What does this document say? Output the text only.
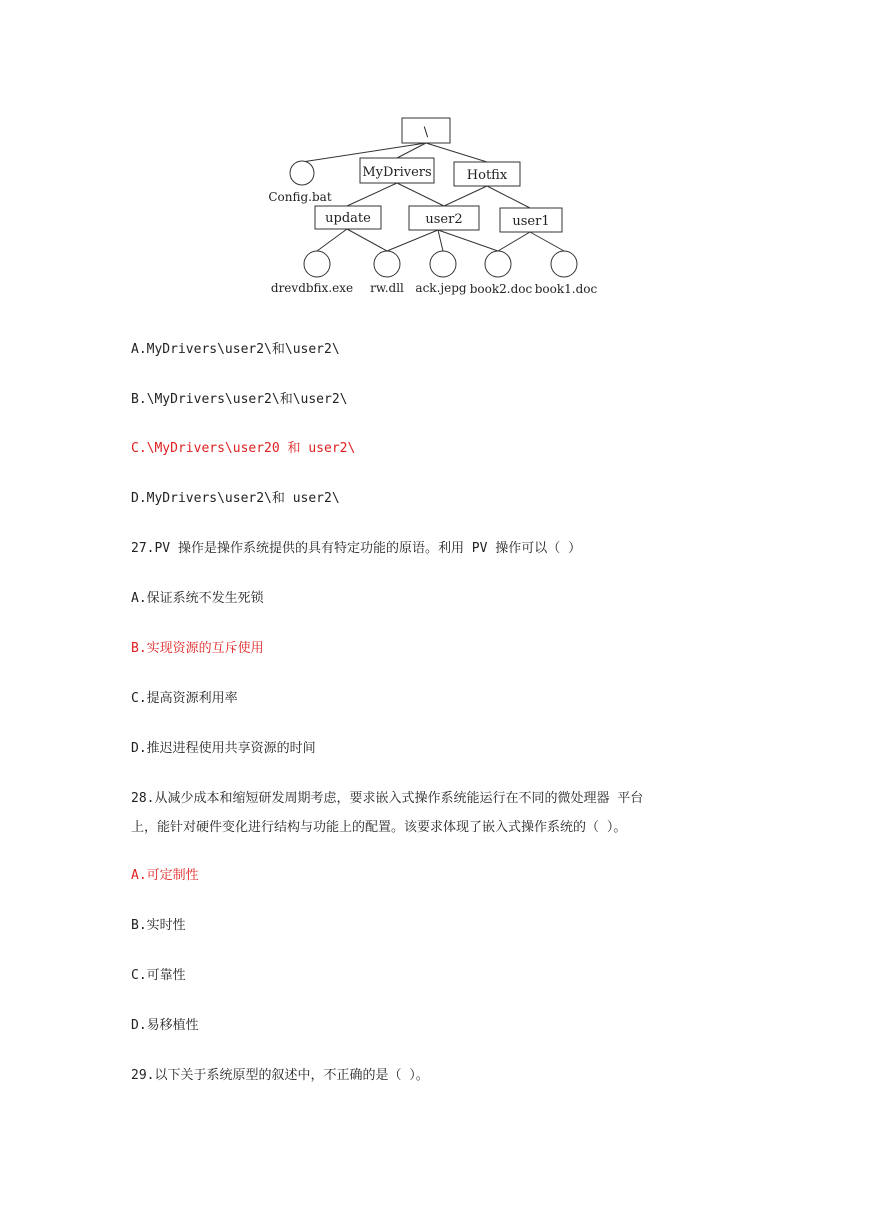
\
MyDrivers	Hotfix
update	user2	user1
Config.bat
drevdbfix.exe rw.dll ack.jepg book2.doc book1.doc

A.MyDrivers\user2\和\user2\

B.\MyDrivers\user2\和\user2\

C.\MyDrivers\user20 和 user2\

D.MyDrivers\user2\和 user2\

27.PV 操作是操作系统提供的具有特定功能的原语。利用 PV 操作可以（ ）

A.保证系统不发生死锁

B.实现资源的互斥使用

C.提高资源利用率

D.推迟进程使用共享资源的时间

28.从减少成本和缩短研发周期考虑，要求嵌入式操作系统能运行在不同的微处理器 平台

上，能针对硬件变化进行结构与功能上的配置。该要求体现了嵌入式操作系统的（ ）。

A.可定制性

B.实时性

C.可靠性

D.易移植性

29.以下关于系统原型的叙述中，不正确的是（ ）。
